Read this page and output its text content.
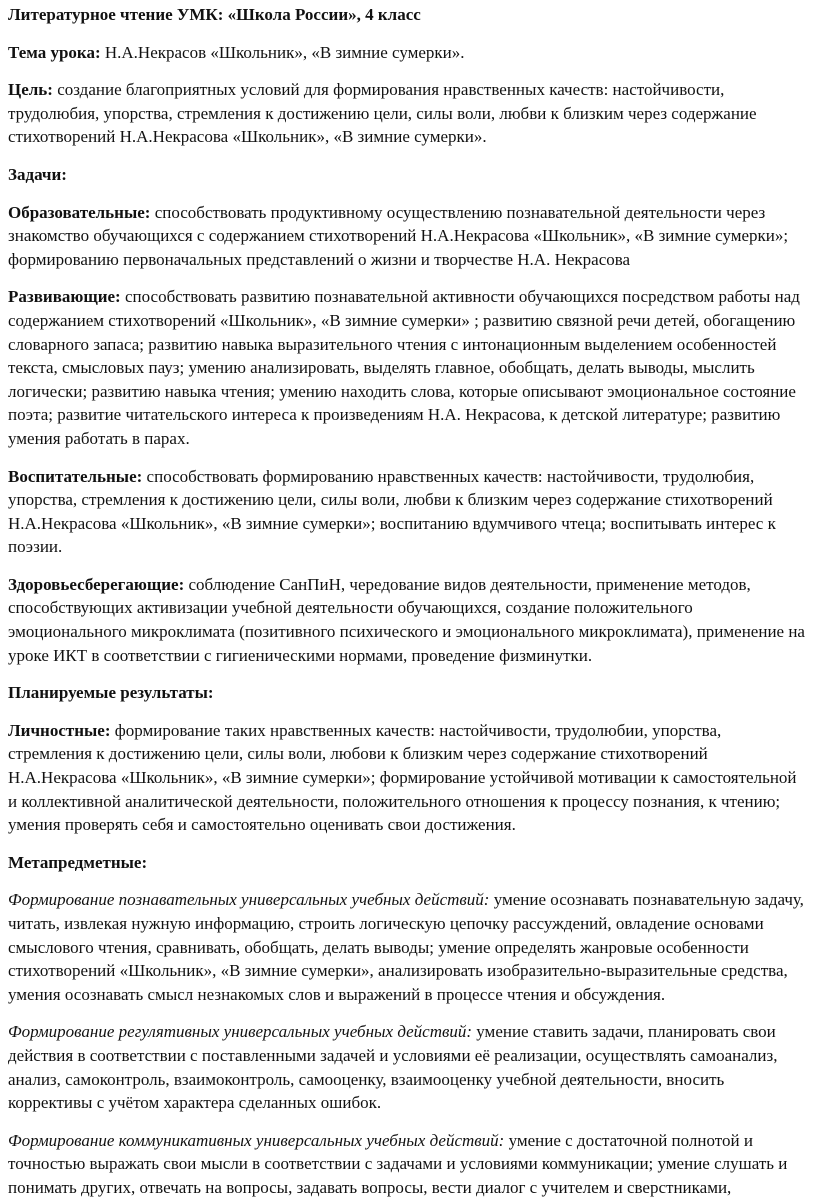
Литературное чтение УМК: «Школа России», 4 класс

Тема урока: Н.А.Некрасов «Школьник», «В зимние сумерки».

Цель: создание благоприятных условий для формирования нравственных качеств: настойчивости, трудолюбия, упорства, стремления к достижению цели, силы воли, любви к близким через содержание стихотворений Н.А.Некрасова «Школьник», «В зимние сумерки».

Задачи:

Образовательные: способствовать продуктивному осуществлению познавательной деятельности через знакомство обучающихся с содержанием стихотворений Н.А.Некрасова «Школьник», «В зимние сумерки»; формированию первоначальных представлений о жизни и творчестве Н.А. Некрасова

Развивающие: способствовать развитию познавательной активности обучающихся посредством работы над содержанием стихотворений «Школьник», «В зимние сумерки» ; развитию связной речи детей, обогащению словарного запаса; развитию навыка выразительного чтения с интонационным выделением особенностей текста, смысловых пауз; умению анализировать, выделять главное, обобщать, делать выводы, мыслить логически; развитию навыка чтения; умению находить слова, которые описывают эмоциональное состояние поэта; развитие читательского интереса к произведениям Н.А. Некрасова, к детской литературе; развитию умения работать в парах.

Воспитательные: способствовать формированию нравственных качеств: настойчивости, трудолюбия, упорства, стремления к достижению цели, силы воли, любви к близким через содержание стихотворений Н.А.Некрасова «Школьник», «В зимние сумерки»; воспитанию вдумчивого чтеца; воспитывать интерес к поэзии.

Здоровьесберегающие: соблюдение СанПиН, чередование видов деятельности, применение методов, способствующих активизации учебной деятельности обучающихся, создание положительного эмоционального микроклимата (позитивного психического и эмоционального микроклимата), применение на уроке ИКТ в соответствии с гигиеническими нормами, проведение физминутки.

Планируемые результаты:

Личностные: формирование таких нравственных качеств: настойчивости, трудолюбии, упорства, стремления к достижению цели, силы воли, любови к близким через содержание стихотворений Н.А.Некрасова «Школьник», «В зимние сумерки»; формирование устойчивой мотивации к самостоятельной и коллективной аналитической деятельности, положительного отношения к процессу познания, к чтению; умения проверять себя и самостоятельно оценивать свои достижения.

Метапредметные:

Формирование познавательных универсальных учебных действий: умение осознавать познавательную задачу, читать, извлекая нужную информацию, строить логическую цепочку рассуждений, овладение основами смыслового чтения, сравнивать, обобщать, делать выводы; умение определять жанровые особенности стихотворений «Школьник», «В зимние сумерки», анализировать изобразительно-выразительные средства, умения осознавать смысл незнакомых слов и выражений в процессе чтения и обсуждения.

Формирование регулятивных универсальных учебных действий: умение ставить задачи, планировать свои действия в соответствии с поставленными задачей и условиями её реализации, осуществлять самоанализ, анализ, самоконтроль, взаимоконтроль, самооценку, взаимооценку учебной деятельности, вносить коррективы с учётом характера сделанных ошибок.

Формирование коммуникативных универсальных учебных действий: умение с достаточной полнотой и точностью выражать свои мысли в соответствии с задачами и условиями коммуникации; умение слушать и понимать других, отвечать на вопросы, задавать вопросы, вести диалог с учителем и сверстниками,
